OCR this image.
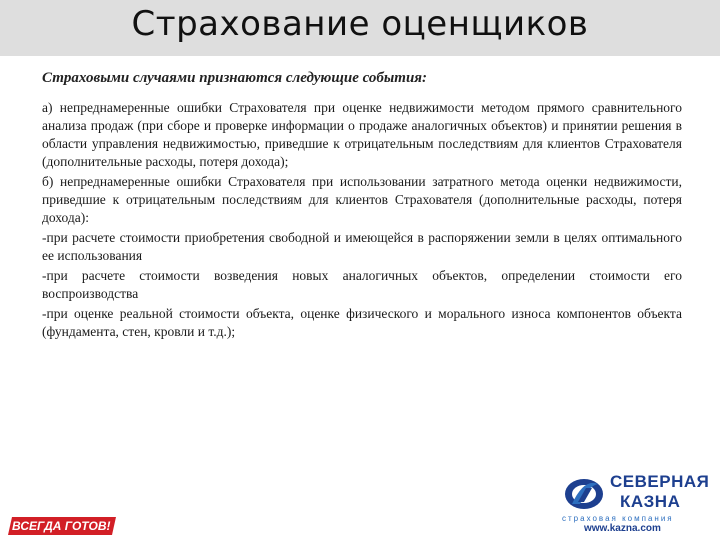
Страхование оценщиков

Страховыми случаями признаются следующие события:

а) непреднамеренные ошибки Страхователя при оценке недвижимости методом прямого сравнительного анализа продаж (при сборе и проверке информации о продаже аналогичных объектов) и принятии решения в области управления недвижимостью, приведшие к отрицательным последствиям для клиентов Страхователя (дополнительные расходы, потеря дохода);

б) непреднамеренные ошибки Страхователя при использовании затратного метода оценки недвижимости, приведшие к отрицательным последствиям для клиентов Страхователя (дополнительные расходы, потеря дохода):

-при расчете стоимости приобретения свободной и имеющейся в распоряжении земли в целях оптимального ее использования

-при расчете стоимости возведения новых аналогичных объектов, определении стоимости его воспроизводства

-при оценке реальной стоимости объекта, оценке физического и морального износа компонентов объекта (фундамента, стен, кровли и т.д.);

СЕВЕРНАЯ
КАЗНА
страховая компания
www.kazna.com
ВСЕГДА ГОТОВ!
